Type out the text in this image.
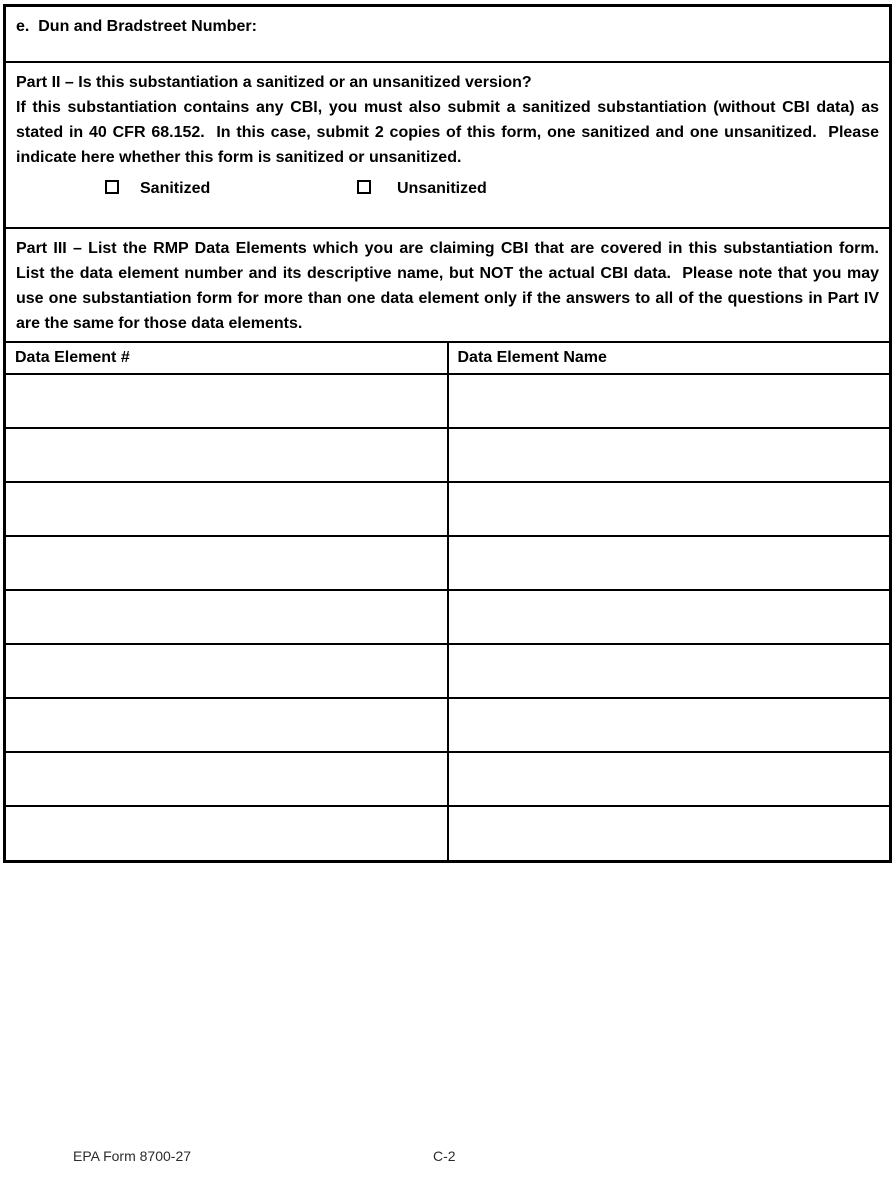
e.  Dun and Bradstreet Number:
Part II – Is this substantiation a sanitized or an unsanitized version?
If this substantiation contains any CBI, you must also submit a sanitized substantiation (without CBI data) as stated in 40 CFR 68.152.  In this case, submit 2 copies of this form, one sanitized and one unsanitized.  Please indicate here whether this form is sanitized or unsanitized.
Sanitized	Unsanitized
Part III – List the RMP Data Elements which you are claiming CBI that are covered in this substantiation form.  List the data element number and its descriptive name, but NOT the actual CBI data.  Please note that you may use one substantiation form for more than one data element only if the answers to all of the questions in Part IV are the same for those data elements.
Data Element #	Data Element Name

EPA Form 8700-27	C-2
